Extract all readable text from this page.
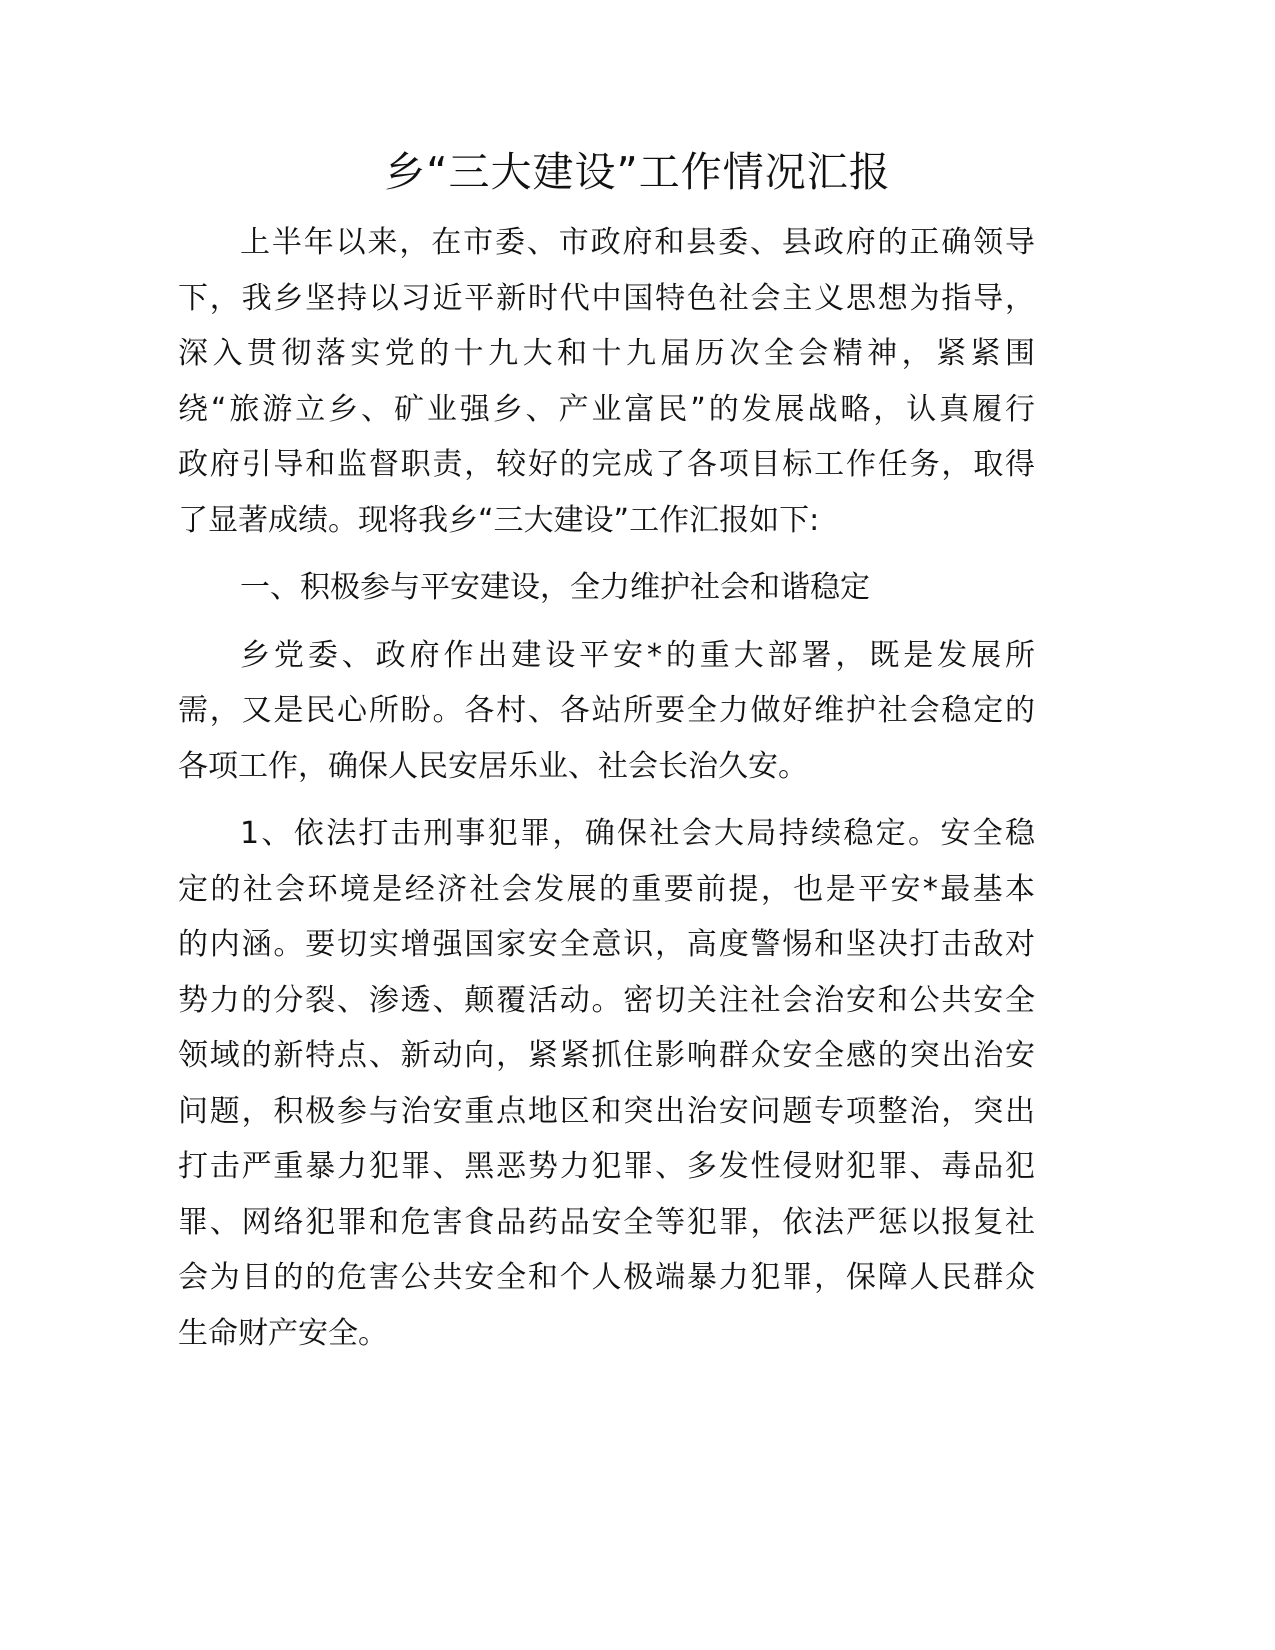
乡“三大建设”工作情况汇报
上半年以来，在市委、市政府和县委、县政府的正确领导
下，我乡坚持以习近平新时代中国特色社会主义思想为指导，
深入贯彻落实党的十九大和十九届历次全会精神，紧紧围
绕“旅游立乡、矿业强乡、产业富民”的发展战略，认真履行
政府引导和监督职责，较好的完成了各项目标工作任务，取得
了显著成绩。现将我乡“三大建设”工作汇报如下:
一、积极参与平安建设，全力维护社会和谐稳定
乡党委、政府作出建设平安*的重大部署，既是发展所
需，又是民心所盼。各村、各站所要全力做好维护社会稳定的
各项工作，确保人民安居乐业、社会长治久安。
1、依法打击刑事犯罪，确保社会大局持续稳定。安全稳
定的社会环境是经济社会发展的重要前提，也是平安*最基本
的内涵。要切实增强国家安全意识，高度警惕和坚决打击敌对
势力的分裂、渗透、颠覆活动。密切关注社会治安和公共安全
领域的新特点、新动向，紧紧抓住影响群众安全感的突出治安
问题，积极参与治安重点地区和突出治安问题专项整治，突出
打击严重暴力犯罪、黑恶势力犯罪、多发性侵财犯罪、毒品犯
罪、网络犯罪和危害食品药品安全等犯罪，依法严惩以报复社
会为目的的危害公共安全和个人极端暴力犯罪，保障人民群众
生命财产安全。
